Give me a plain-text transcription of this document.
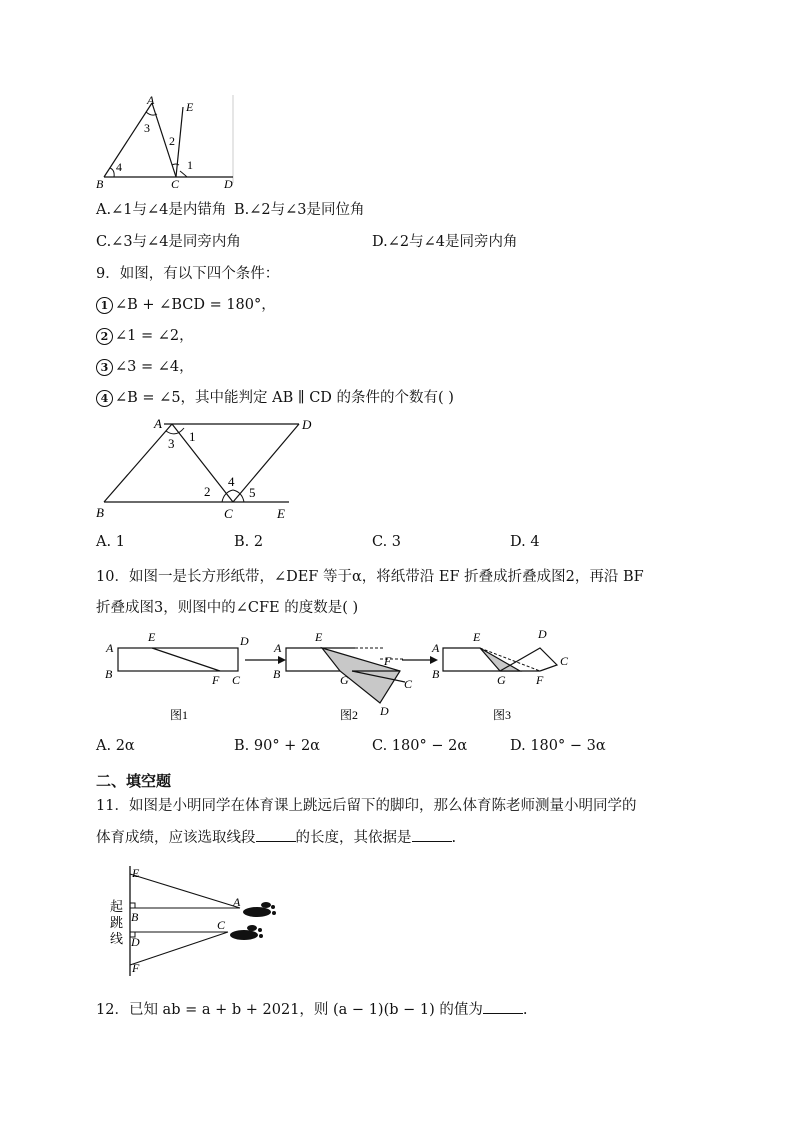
A	E
B	C	D
3
2
1
4
A.∠1与∠4是内错角 B.∠2与∠3是同位角
C.∠3与∠4是同旁内角	D.∠2与∠4是同旁内角
9．如图，有以下四个条件：
1 ∠B + ∠BCD = 180°，
2 ∠1 = ∠2，
3 ∠3 = ∠4，
4 ∠B = ∠5，其中能判定 AB ∥ CD 的条件的个数有( )
A	D
B	C	E
3 1
4
2	5
A. 1	B. 2	C. 3	D. 4
10．如图一是长方形纸带，∠DEF 等于α，将纸带沿 EF 折叠成折叠成图2，再沿 BF
折叠成图3，则图中的∠CFE 的度数是( )
A
B
E	D
F C
A
B
E
F
G	C
D
A
B
E	D
C
G	F
图1	图2	图3
A. 2α	B. 90° + 2α	C. 180° − 2α	D. 180° − 3α
二、填空题
11．如图是小明同学在体育课上跳远后留下的脚印，那么体育陈老师测量小明同学的
体育成绩，应该选取线段	的长度，其依据是	.
E
A
B
C
D
F
起
跳
线
12．已知 ab = a + b + 2021，则 (a − 1)(b − 1) 的值为	.
